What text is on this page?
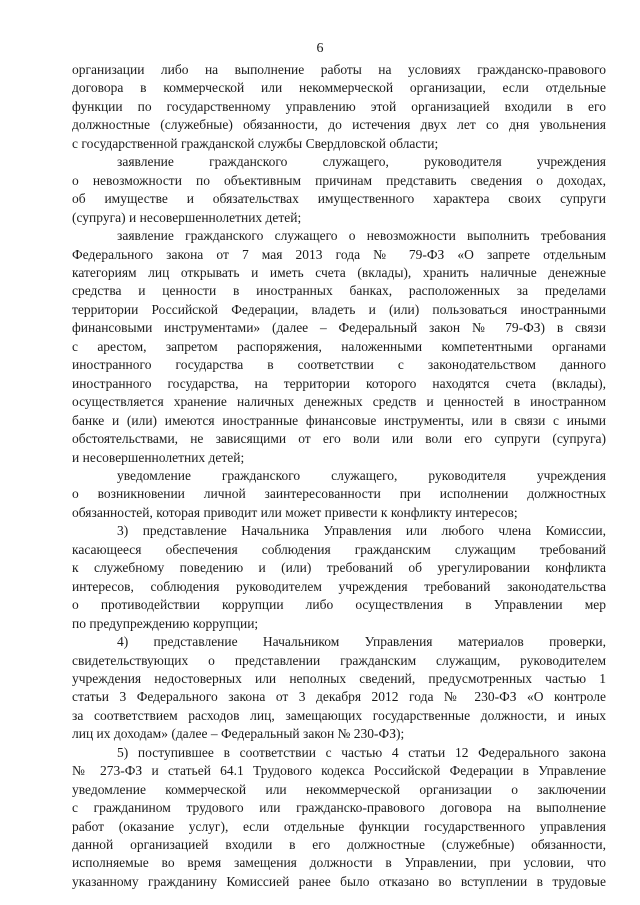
6
организации либо на выполнение работы на условиях гражданско-правового
договора в коммерческой или некоммерческой организации, если отдельные
функции по государственному управлению этой организацией входили в его
должностные (служебные) обязанности, до истечения двух лет со дня увольнения
с государственной гражданской службы Свердловской области;
заявление гражданского служащего, руководителя учреждения
о невозможности по объективным причинам представить сведения о доходах,
об имуществе и обязательствах имущественного характера своих супруги
(супруга) и несовершеннолетних детей;
заявление гражданского служащего о невозможности выполнить требования
Федерального закона от 7 мая 2013 года № 79-ФЗ «О запрете отдельным
категориям лиц открывать и иметь счета (вклады), хранить наличные денежные
средства и ценности в иностранных банках, расположенных за пределами
территории Российской Федерации, владеть и (или) пользоваться иностранными
финансовыми инструментами» (далее – Федеральный закон № 79-ФЗ) в связи
с арестом, запретом распоряжения, наложенными компетентными органами
иностранного государства в соответствии с законодательством данного
иностранного государства, на территории которого находятся счета (вклады),
осуществляется хранение наличных денежных средств и ценностей в иностранном
банке и (или) имеются иностранные финансовые инструменты, или в связи с иными
обстоятельствами, не зависящими от его воли или воли его супруги (супруга)
и несовершеннолетних детей;
уведомление гражданского служащего, руководителя учреждения
о возникновении личной заинтересованности при исполнении должностных
обязанностей, которая приводит или может привести к конфликту интересов;
3) представление Начальника Управления или любого члена Комиссии,
касающееся обеспечения соблюдения гражданским служащим требований
к служебному поведению и (или) требований об урегулировании конфликта
интересов, соблюдения руководителем учреждения требований законодательства
о противодействии коррупции либо осуществления в Управлении мер
по предупреждению коррупции;
4) представление Начальником Управления материалов проверки,
свидетельствующих о представлении гражданским служащим, руководителем
учреждения недостоверных или неполных сведений, предусмотренных частью 1
статьи 3 Федерального закона от 3 декабря 2012 года № 230-ФЗ «О контроле
за соответствием расходов лиц, замещающих государственные должности, и иных
лиц их доходам» (далее – Федеральный закон № 230-ФЗ);
5) поступившее в соответствии с частью 4 статьи 12 Федерального закона
№ 273-ФЗ и статьей 64.1 Трудового кодекса Российской Федерации в Управление
уведомление коммерческой или некоммерческой организации о заключении
с гражданином трудового или гражданско-правового договора на выполнение
работ (оказание услуг), если отдельные функции государственного управления
данной организацией входили в его должностные (служебные) обязанности,
исполняемые во время замещения должности в Управлении, при условии, что
указанному гражданину Комиссией ранее было отказано во вступлении в трудовые
